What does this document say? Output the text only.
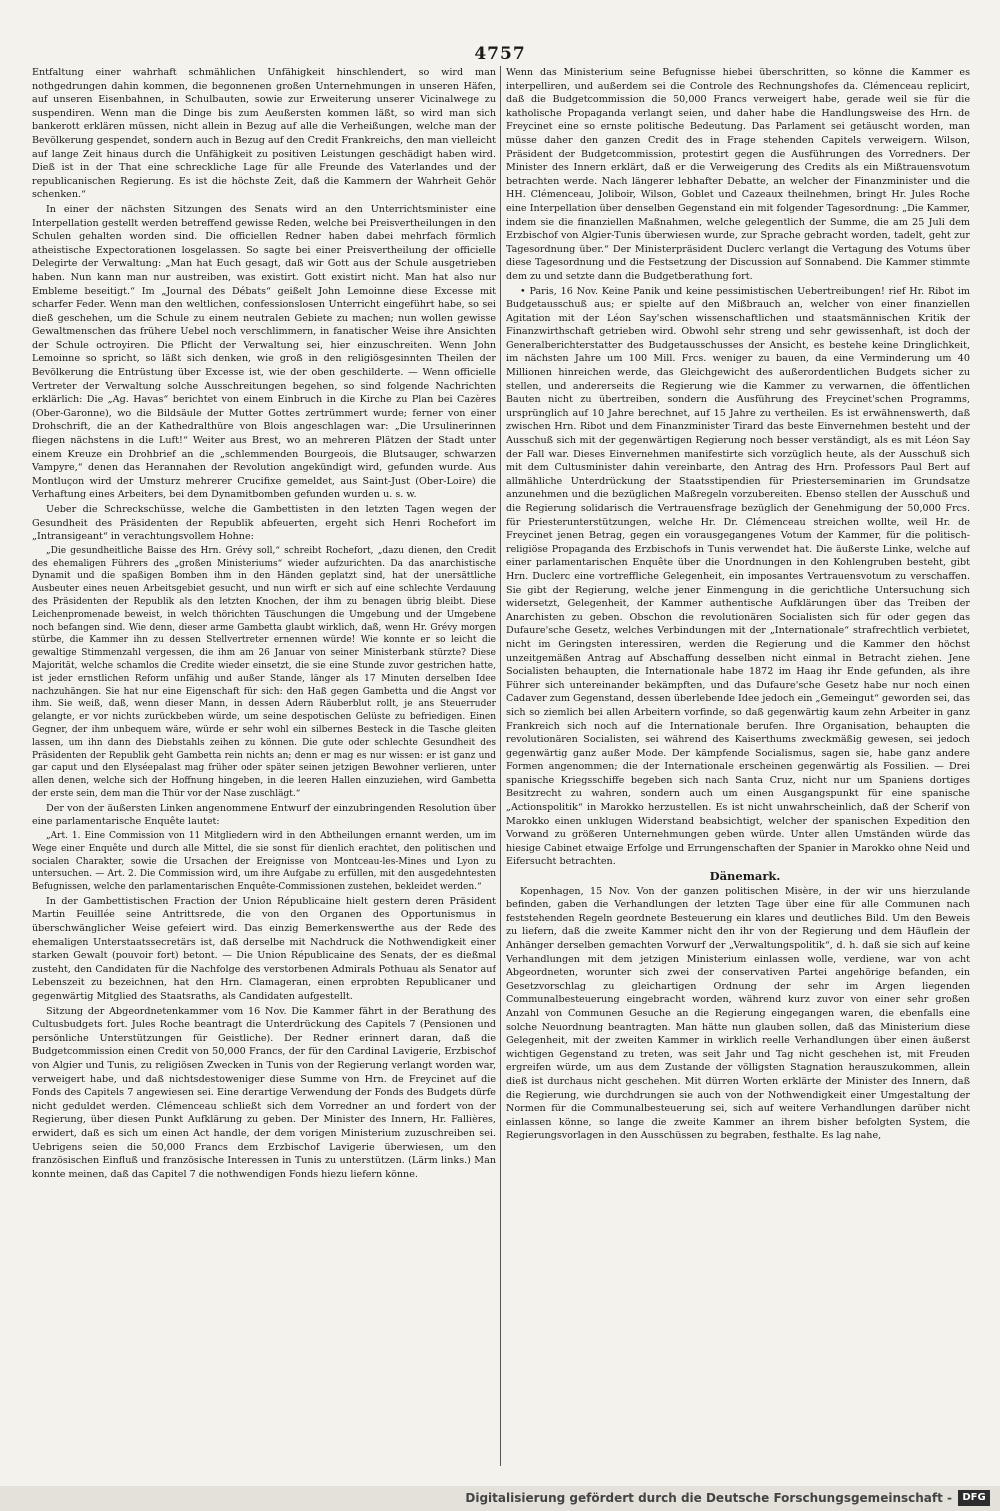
4757

Entfaltung einer wahrhaft schmählichen Unfähigkeit hinschlendert, so wird man nothgedrungen dahin kommen, die begonnenen großen Unternehmungen in unseren Häfen, auf unseren Eisenbahnen, in Schulbauten, sowie zur Erweiterung unserer Vicinalwege zu suspendiren. Wenn man die Dinge bis zum Aeußersten kommen läßt, so wird man sich bankerott erklären müssen, nicht allein in Bezug auf alle die Verheißungen, welche man der Bevölkerung gespendet, sondern auch in Bezug auf den Credit Frankreichs, den man vielleicht auf lange Zeit hinaus durch die Unfähigkeit zu positiven Leistungen geschädigt haben wird. Dieß ist in der That eine schreckliche Lage für alle Freunde des Vaterlandes und der republicanischen Regierung. Es ist die höchste Zeit, daß die Kammern der Wahrheit Gehör schenken.“

In einer der nächsten Sitzungen des Senats wird an den Unterrichtsminister eine Interpellation gestellt werden betreffend gewisse Reden, welche bei Preisvertheilungen in den Schulen gehalten worden sind. Die officiellen Redner haben dabei mehrfach förmlich atheistische Expectorationen losgelassen. So sagte bei einer Preisvertheilung der officielle Delegirte der Verwaltung: „Man hat Euch gesagt, daß wir Gott aus der Schule ausgetrieben haben. Nun kann man nur austreiben, was existirt. Gott existirt nicht. Man hat also nur Embleme beseitigt.“ Im „Journal des Débats“ geißelt John Lemoinne diese Excesse mit scharfer Feder. Wenn man den weltlichen, confessionslosen Unterricht eingeführt habe, so sei dieß geschehen, um die Schule zu einem neutralen Gebiete zu machen; nun wollen gewisse Gewaltmenschen das frühere Uebel noch verschlimmern, in fanatischer Weise ihre Ansichten der Schule octroyiren. Die Pflicht der Verwaltung sei, hier einzuschreiten. Wenn John Lemoinne so spricht, so läßt sich denken, wie groß in den religiösgesinnten Theilen der Bevölkerung die Entrüstung über Excesse ist, wie der oben geschilderte. — Wenn officielle Vertreter der Verwaltung solche Ausschreitungen begehen, so sind folgende Nachrichten erklärlich: Die „Ag. Havas“ berichtet von einem Einbruch in die Kirche zu Plan bei Cazères (Ober-Garonne), wo die Bildsäule der Mutter Gottes zertrümmert wurde; ferner von einer Drohschrift, die an der Kathedralthüre von Blois angeschlagen war: „Die Ursulinerinnen fliegen nächstens in die Luft!“ Weiter aus Brest, wo an mehreren Plätzen der Stadt unter einem Kreuze ein Drohbrief an die „schlemmenden Bourgeois, die Blutsauger, schwarzen Vampyre,“ denen das Herannahen der Revolution angekündigt wird, gefunden wurde. Aus Montluçon wird der Umsturz mehrerer Crucifixe gemeldet, aus Saint-Just (Ober-Loire) die Verhaftung eines Arbeiters, bei dem Dynamitbomben gefunden wurden u. s. w.

Ueber die Schreckschüsse, welche die Gambettisten in den letzten Tagen wegen der Gesundheit des Präsidenten der Republik abfeuerten, ergeht sich Henri Rochefort im „Intransigeant“ in verachtungsvollem Hohne:

„Die gesundheitliche Baisse des Hrn. Grévy soll,“ schreibt Rochefort, „dazu dienen, den Credit des ehemaligen Führers des „großen Ministeriums“ wieder aufzurichten. Da das anarchistische Dynamit und die spaßigen Bomben ihm in den Händen geplatzt sind, hat der unersättliche Ausbeuter eines neuen Arbeitsgebiet gesucht, und nun wirft er sich auf eine schlechte Verdauung des Präsidenten der Republik als den letzten Knochen, der ihm zu benagen übrig bleibt. Diese Leichenpromenade beweist, in welch thörichten Täuschungen die Umgebung und der Umgebene noch befangen sind. Wie denn, dieser arme Gambetta glaubt wirklich, daß, wenn Hr. Grévy morgen stürbe, die Kammer ihn zu dessen Stellvertreter ernennen würde! Wie konnte er so leicht die gewaltige Stimmenzahl vergessen, die ihm am 26 Januar von seiner Ministerbank stürzte? Diese Majorität, welche schamlos die Credite wieder einsetzt, die sie eine Stunde zuvor gestrichen hatte, ist jeder ernstlichen Reform unfähig und außer Stande, länger als 17 Minuten derselben Idee nachzuhängen. Sie hat nur eine Eigenschaft für sich: den Haß gegen Gambetta und die Angst vor ihm. Sie weiß, daß, wenn dieser Mann, in dessen Adern Räuberblut rollt, je ans Steuerruder gelangte, er vor nichts zurückbeben würde, um seine despotischen Gelüste zu befriedigen. Einen Gegner, der ihm unbequem wäre, würde er sehr wohl ein silbernes Besteck in die Tasche gleiten lassen, um ihn dann des Diebstahls zeihen zu können. Die gute oder schlechte Gesundheit des Präsidenten der Republik geht Gambetta rein nichts an; denn er mag es nur wissen: er ist ganz und gar caput und den Elyséepalast mag früher oder später seinen jetzigen Bewohner verlieren, unter allen denen, welche sich der Hoffnung hingeben, in die leeren Hallen einzuziehen, wird Gambetta der erste sein, dem man die Thür vor der Nase zuschlägt.“

Der von der äußersten Linken angenommene Entwurf der einzubringenden Resolution über eine parlamentarische Enquête lautet:

„Art. 1. Eine Commission von 11 Mitgliedern wird in den Abtheilungen ernannt werden, um im Wege einer Enquête und durch alle Mittel, die sie sonst für dienlich erachtet, den politischen und socialen Charakter, sowie die Ursachen der Ereignisse von Montceau-les-Mines und Lyon zu untersuchen. — Art. 2. Die Commission wird, um ihre Aufgabe zu erfüllen, mit den ausgedehntesten Befugnissen, welche den parlamentarischen Enquête-Commissionen zustehen, bekleidet werden.“

In der Gambettistischen Fraction der Union Républicaine hielt gestern deren Präsident Martin Feuillée seine Antrittsrede, die von den Organen des Opportunismus in überschwänglicher Weise gefeiert wird. Das einzig Bemerkenswerthe aus der Rede des ehemaligen Unterstaatssecretärs ist, daß derselbe mit Nachdruck die Nothwendigkeit einer starken Gewalt (pouvoir fort) betont. — Die Union Républicaine des Senats, der es dießmal zusteht, den Candidaten für die Nachfolge des verstorbenen Admirals Pothuau als Senator auf Lebenszeit zu bezeichnen, hat den Hrn. Clamageran, einen erprobten Republicaner und gegenwärtig Mitglied des Staatsraths, als Candidaten aufgestellt.

Sitzung der Abgeordnetenkammer vom 16 Nov. Die Kammer fährt in der Berathung des Cultusbudgets fort. Jules Roche beantragt die Unterdrückung des Capitels 7 (Pensionen und persönliche Unterstützungen für Geistliche). Der Redner erinnert daran, daß die Budgetcommission einen Credit von 50,000 Francs, der für den Cardinal Lavigerie, Erzbischof von Algier und Tunis, zu religiösen Zwecken in Tunis von der Regierung verlangt worden war, verweigert habe, und daß nichtsdestoweniger diese Summe von Hrn. de Freycinet auf die Fonds des Capitels 7 angewiesen sei. Eine derartige Verwendung der Fonds des Budgets dürfe nicht geduldet werden. Clémenceau schließt sich dem Vorredner an und fordert von der Regierung, über diesen Punkt Aufklärung zu geben. Der Minister des Innern, Hr. Fallières, erwidert, daß es sich um einen Act handle, der dem vorigen Ministerium zuzuschreiben sei. Uebrigens seien die 50,000 Francs dem Erzbischof Lavigerie überwiesen, um den französischen Einfluß und französische Interessen in Tunis zu unterstützen. (Lärm links.) Man konnte meinen, daß das Capitel 7 die nothwendigen Fonds hiezu liefern könne.

Wenn das Ministerium seine Befugnisse hiebei überschritten, so könne die Kammer es interpelliren, und außerdem sei die Controle des Rechnungshofes da. Clémenceau replicirt, daß die Budgetcommission die 50,000 Francs verweigert habe, gerade weil sie für die katholische Propaganda verlangt seien, und daher habe die Handlungsweise des Hrn. de Freycinet eine so ernste politische Bedeutung. Das Parlament sei getäuscht worden, man müsse daher den ganzen Credit des in Frage stehenden Capitels verweigern. Wilson, Präsident der Budgetcommission, protestirt gegen die Ausführungen des Vorredners. Der Minister des Innern erklärt, daß er die Verweigerung des Credits als ein Mißtrauensvotum betrachten werde. Nach längerer lebhafter Debatte, an welcher der Finanzminister und die HH. Clémenceau, Joliboir, Wilson, Goblet und Cazeaux theilnehmen, bringt Hr. Jules Roche eine Interpellation über denselben Gegenstand ein mit folgender Tagesordnung: „Die Kammer, indem sie die finanziellen Maßnahmen, welche gelegentlich der Summe, die am 25 Juli dem Erzbischof von Algier-Tunis überwiesen wurde, zur Sprache gebracht worden, tadelt, geht zur Tagesordnung über.“ Der Ministerpräsident Duclerc verlangt die Vertagung des Votums über diese Tagesordnung und die Festsetzung der Discussion auf Sonnabend. Die Kammer stimmte dem zu und setzte dann die Budgetberathung fort.

• Paris, 16 Nov. Keine Panik und keine pessimistischen Uebertreibungen! rief Hr. Ribot im Budgetausschuß aus; er spielte auf den Mißbrauch an, welcher von einer finanziellen Agitation mit der Léon Say'schen wissenschaftlichen und staatsmännischen Kritik der Finanzwirthschaft getrieben wird. Obwohl sehr streng und sehr gewissenhaft, ist doch der Generalberichterstatter des Budgetausschusses der Ansicht, es bestehe keine Dringlichkeit, im nächsten Jahre um 100 Mill. Frcs. weniger zu bauen, da eine Verminderung um 40 Millionen hinreichen werde, das Gleichgewicht des außerordentlichen Budgets sicher zu stellen, und andererseits die Regierung wie die Kammer zu verwarnen, die öffentlichen Bauten nicht zu übertreiben, sondern die Ausführung des Freycinet'schen Programms, ursprünglich auf 10 Jahre berechnet, auf 15 Jahre zu vertheilen. Es ist erwähnenswerth, daß zwischen Hrn. Ribot und dem Finanzminister Tirard das beste Einvernehmen besteht und der Ausschuß sich mit der gegenwärtigen Regierung noch besser verständigt, als es mit Léon Say der Fall war. Dieses Einvernehmen manifestirte sich vorzüglich heute, als der Ausschuß sich mit dem Cultusminister dahin vereinbarte, den Antrag des Hrn. Professors Paul Bert auf allmähliche Unterdrückung der Staatsstipendien für Priesterseminarien im Grundsatze anzunehmen und die bezüglichen Maßregeln vorzubereiten. Ebenso stellen der Ausschuß und die Regierung solidarisch die Vertrauensfrage bezüglich der Genehmigung der 50,000 Frcs. für Priesterunterstützungen, welche Hr. Dr. Clémenceau streichen wollte, weil Hr. de Freycinet jenen Betrag, gegen ein vorausgegangenes Votum der Kammer, für die politisch-religiöse Propaganda des Erzbischofs in Tunis verwendet hat. Die äußerste Linke, welche auf einer parlamentarischen Enquête über die Unordnungen in den Kohlengruben besteht, gibt Hrn. Duclerc eine vortreffliche Gelegenheit, ein imposantes Vertrauensvotum zu verschaffen. Sie gibt der Regierung, welche jener Einmengung in die gerichtliche Untersuchung sich widersetzt, Gelegenheit, der Kammer authentische Aufklärungen über das Treiben der Anarchisten zu geben. Obschon die revolutionären Socialisten sich für oder gegen das Dufaure'sche Gesetz, welches Verbindungen mit der „Internationale“ strafrechtlich verbietet, nicht im Geringsten interessiren, werden die Regierung und die Kammer den höchst unzeitgemäßen Antrag auf Abschaffung desselben nicht einmal in Betracht ziehen. Jene Socialisten behaupten, die Internationale habe 1872 im Haag ihr Ende gefunden, als ihre Führer sich untereinander bekämpften, und das Dufaure'sche Gesetz habe nur noch einen Cadaver zum Gegenstand, dessen überlebende Idee jedoch ein „Gemeingut“ geworden sei, das sich so ziemlich bei allen Arbeitern vorfinde, so daß gegenwärtig kaum zehn Arbeiter in ganz Frankreich sich noch auf die Internationale berufen. Ihre Organisation, behaupten die revolutionären Socialisten, sei während des Kaiserthums zweckmäßig gewesen, sei jedoch gegenwärtig ganz außer Mode. Der kämpfende Socialismus, sagen sie, habe ganz andere Formen angenommen; die der Internationale erscheinen gegenwärtig als Fossilien. — Drei spanische Kriegsschiffe begeben sich nach Santa Cruz, nicht nur um Spaniens dortiges Besitzrecht zu wahren, sondern auch um einen Ausgangspunkt für eine spanische „Actionspolitik“ in Marokko herzustellen. Es ist nicht unwahrscheinlich, daß der Scherif von Marokko einen unklugen Widerstand beabsichtigt, welcher der spanischen Expedition den Vorwand zu größeren Unternehmungen geben würde. Unter allen Umständen würde das hiesige Cabinet etwaige Erfolge und Errungenschaften der Spanier in Marokko ohne Neid und Eifersucht betrachten.

Dänemark.

Kopenhagen, 15 Nov. Von der ganzen politischen Misère, in der wir uns hierzulande befinden, gaben die Verhandlungen der letzten Tage über eine für alle Communen nach feststehenden Regeln geordnete Besteuerung ein klares und deutliches Bild. Um den Beweis zu liefern, daß die zweite Kammer nicht den ihr von der Regierung und dem Häuflein der Anhänger derselben gemachten Vorwurf der „Verwaltungspolitik“, d. h. daß sie sich auf keine Verhandlungen mit dem jetzigen Ministerium einlassen wolle, verdiene, war von acht Abgeordneten, worunter sich zwei der conservativen Partei angehörige befanden, ein Gesetzvorschlag zu gleichartigen Ordnung der sehr im Argen liegenden Communalbesteuerung eingebracht worden, während kurz zuvor von einer sehr großen Anzahl von Communen Gesuche an die Regierung eingegangen waren, die ebenfalls eine solche Neuordnung beantragten. Man hätte nun glauben sollen, daß das Ministerium diese Gelegenheit, mit der zweiten Kammer in wirklich reelle Verhandlungen über einen äußerst wichtigen Gegenstand zu treten, was seit Jahr und Tag nicht geschehen ist, mit Freuden ergreifen würde, um aus dem Zustande der völligsten Stagnation herauszukommen, allein dieß ist durchaus nicht geschehen. Mit dürren Worten erklärte der Minister des Innern, daß die Regierung, wie durchdrungen sie auch von der Nothwendigkeit einer Umgestaltung der Normen für die Communalbesteuerung sei, sich auf weitere Verhandlungen darüber nicht einlassen könne, so lange die zweite Kammer an ihrem bisher befolgten System, die Regierungsvorlagen in den Ausschüssen zu begraben, festhalte. Es lag nahe,

Digitalisierung gefördert durch die Deutsche Forschungsgemeinschaft -	DFG
